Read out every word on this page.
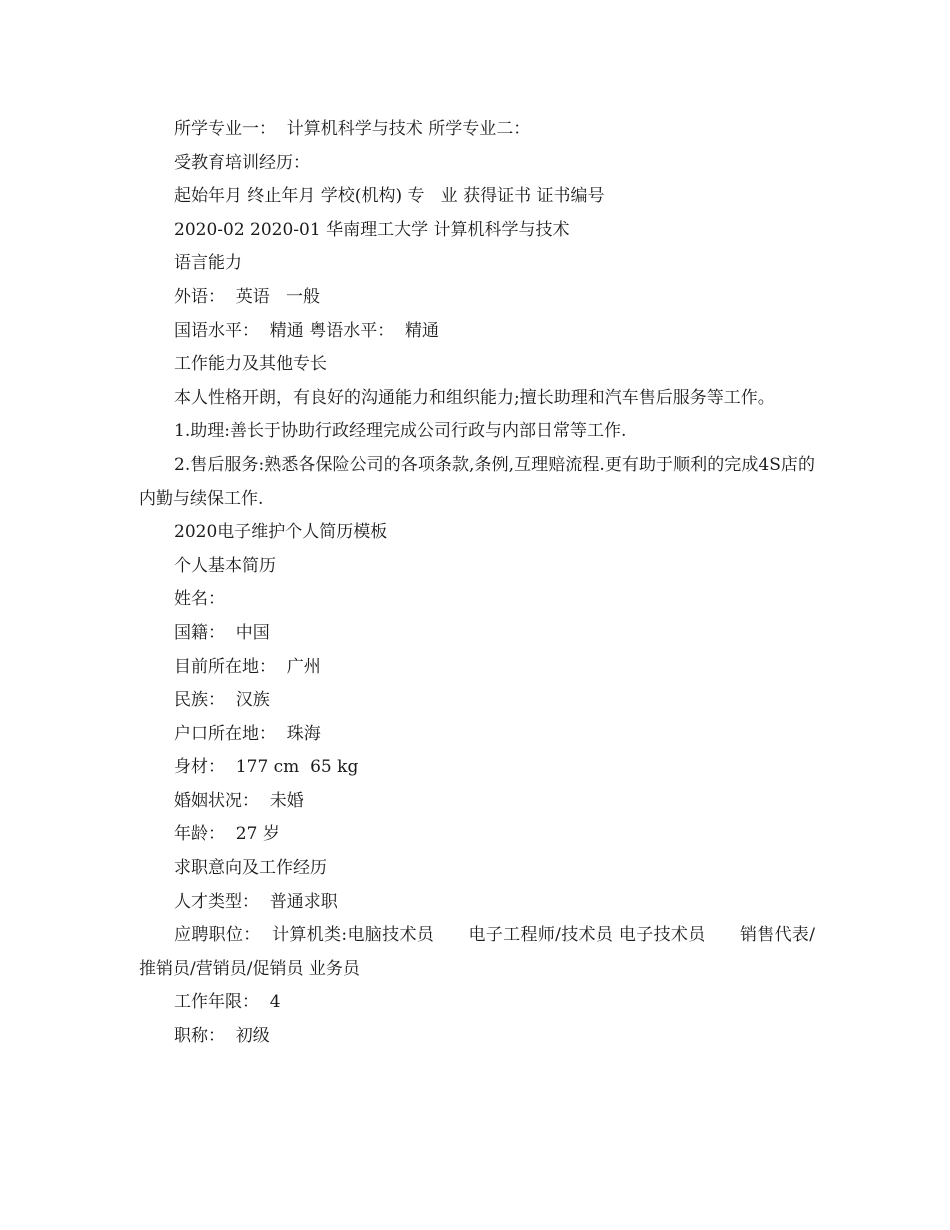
所学专业一：  计算机科学与技术 所学专业二：
受教育培训经历：
起始年月 终止年月 学校(机构) 专   业 获得证书 证书编号
2020-02 2020-01 华南理工大学 计算机科学与技术
语言能力
外语：  英语   一般
国语水平：  精通 粤语水平：  精通
工作能力及其他专长
本人性格开朗，有良好的沟通能力和组织能力;擅长助理和汽车售后服务等工作。
1.助理:善长于协助行政经理完成公司行政与内部日常等工作.
2.售后服务:熟悉各保险公司的各项条款,条例,互理赔流程.更有助于顺利的完成4S店的内勤与续保工作.
2020电子维护个人简历模板
个人基本简历
姓名：
国籍：  中国
目前所在地：  广州
民族：  汉族
户口所在地：  珠海
身材：  177 cm  65 kg
婚姻状况：  未婚
年龄：  27 岁
求职意向及工作经历
人才类型：  普通求职
应聘职位：  计算机类:电脑技术员      电子工程师/技术员 电子技术员      销售代表/推销员/营销员/促销员 业务员
工作年限：  4
职称：  初级
